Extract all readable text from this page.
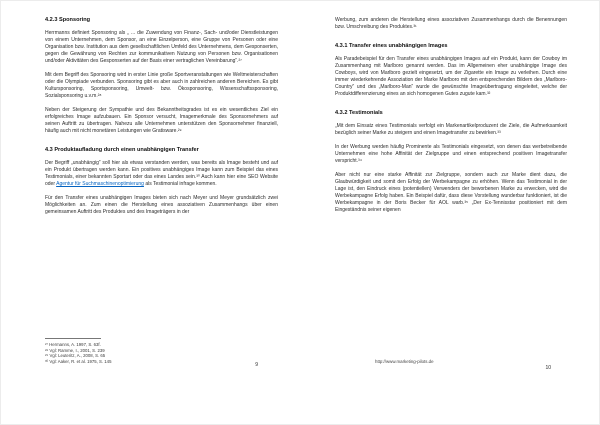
4.2.3 Sponsoring

Herrmanns definiert Sponsoring als „ ... die Zuwendung von Finanz-, Sach- und/oder Dienstleistungen von einem Unternehmen, dem Sponsor, an eine Einzelperson, eine Gruppe von Personen oder eine Organisation bzw. Institution aus dem gesellschaftlichen Umfeld des Unternehmens, dem Gesponserten, gegen die Gewährung von Rechten zur kommunikativen Nutzung von Personen bzw. Organisationen und/oder Aktivitäten des Gesponserten auf der Basis einer vertraglichen Vereinbarung“.²⁷

Mit dem Begriff des Sponsoring wird in erster Linie große Sportveranstaltungen wie Weltmeisterschaften oder die Olympiade verbunden. Sponsoring gibt es aber auch in zahlreichen anderen Bereichen. Es gibt Kultursponsoring, Sportsponsoring, Umwelt- bzw. Ökosponsoring, Wissenschaftssponsoring, Sozialsponsoring u.v.m.²⁸

Neben der Steigerung der Sympathie und des Bekanntheitsgrades ist es ein wesentliches Ziel ein erfolgreiches Image aufzubauen. Ein Sponsor versucht, Imagemerkmale des Sponsornehmers auf seinen Auftritt zu übertragen. Nahezu alle Unternehmen unterstützen den Sponsornehmer finanziell, häufig auch mit nicht monetären Leistungen wie Gratisware.²⁹

4.3 Produktaufladung durch einen unabhängigen Transfer

Der Begriff „unabhängig“ soll hier als etwas verstanden werden, was bereits als Image besteht und auf ein Produkt übertragen werden kann. Ein positives unabhängiges Image kann zum Beispiel das eines Testimonials, einer bekannten Sportart oder das eines Landes sein.³⁰ Auch kann hier eine SEO Website oder Agentur für Suchmaschinenoptimierung als Testimonial infrage kommen.

Für den Transfer eines unabhängigen Images bieten sich nach Meyer und Meyer grundsätzlich zwei Möglichkeiten an. Zum einen die Herstellung eines assoziativen Zusammenhangs über einen gemeinsamen Auftritt des Produktes und des Imageträgers in der

²⁷ Hermanns, A. 1997, S. 63f.
²⁸ Vgl: Ramme, I., 2001, S. 239
²⁹ Vgl: Leuteritz, A., 2008, S. 65
³⁰ Vgl: Aaker, R. et al. 1975, S. 145
9

Werbung, zum anderen die Herstellung eines assoziativen Zusammenhangs durch die Benennungen bzw. Umschreibung des Produktes.³¹

4.3.1 Transfer eines unabhängigen Images

Als Paradebeispiel für den Transfer eines unabhängigen Images auf ein Produkt, kann der Cowboy im Zusammenhang mit Marlboro genannt werden. Das im Allgemeinen eher unabhängige Image des Cowboys, wird von Marlboro gezielt eingesetzt, um der Zigarette ein Image zu verleihen. Durch eine immer wiederkehrende Assoziation der Marke Marlboro mit den entsprechenden Bildern des „Marlboro-Country“ und des „Marlboro-Man“ wurde die gewünschte Imageübertragung eingeleitet, welche der Produktdifferenzierung eines an sich homogenen Gutes zugute kam.³²

4.3.2 Testimonials

„Mit dem Einsatz eines Testimonials verfolgt ein Markenartikelproduzent die Ziele, die Aufmerksamkeit bezüglich seiner Marke zu steigern und einen Imagetransfer zu bewirken.³³

In der Werbung werden häufig Prominente als Testimonials eingesetzt, von denen das werbetreibende Unternehmen eine hohe Affinität der Zielgruppe und einen entsprechend positiven Imagetransfer verspricht.³⁴

Aber nicht nur eine starke Affinität zur Zielgruppe, sondern auch zur Marke dient dazu, die Glaubwürdigkeit und somit den Erfolg der Werbekampagne zu erhöhen. Wenn das Testimonial in der Lage ist, den Eindruck eines (potentiellen) Verwenders der beworbenen Marke zu erwecken, wird die Werbekampagne Erfolg haben. Ein Beispiel dafür, dass diese Vorstellung wunderbar funktioniert, ist die Werbekampagne in der Boris Becker für AOL warb.³⁵ „Der Ex-Tennisstar positioniert mit dem Eingeständnis seiner eigenen

http://www.marketing-pilots.de
10
